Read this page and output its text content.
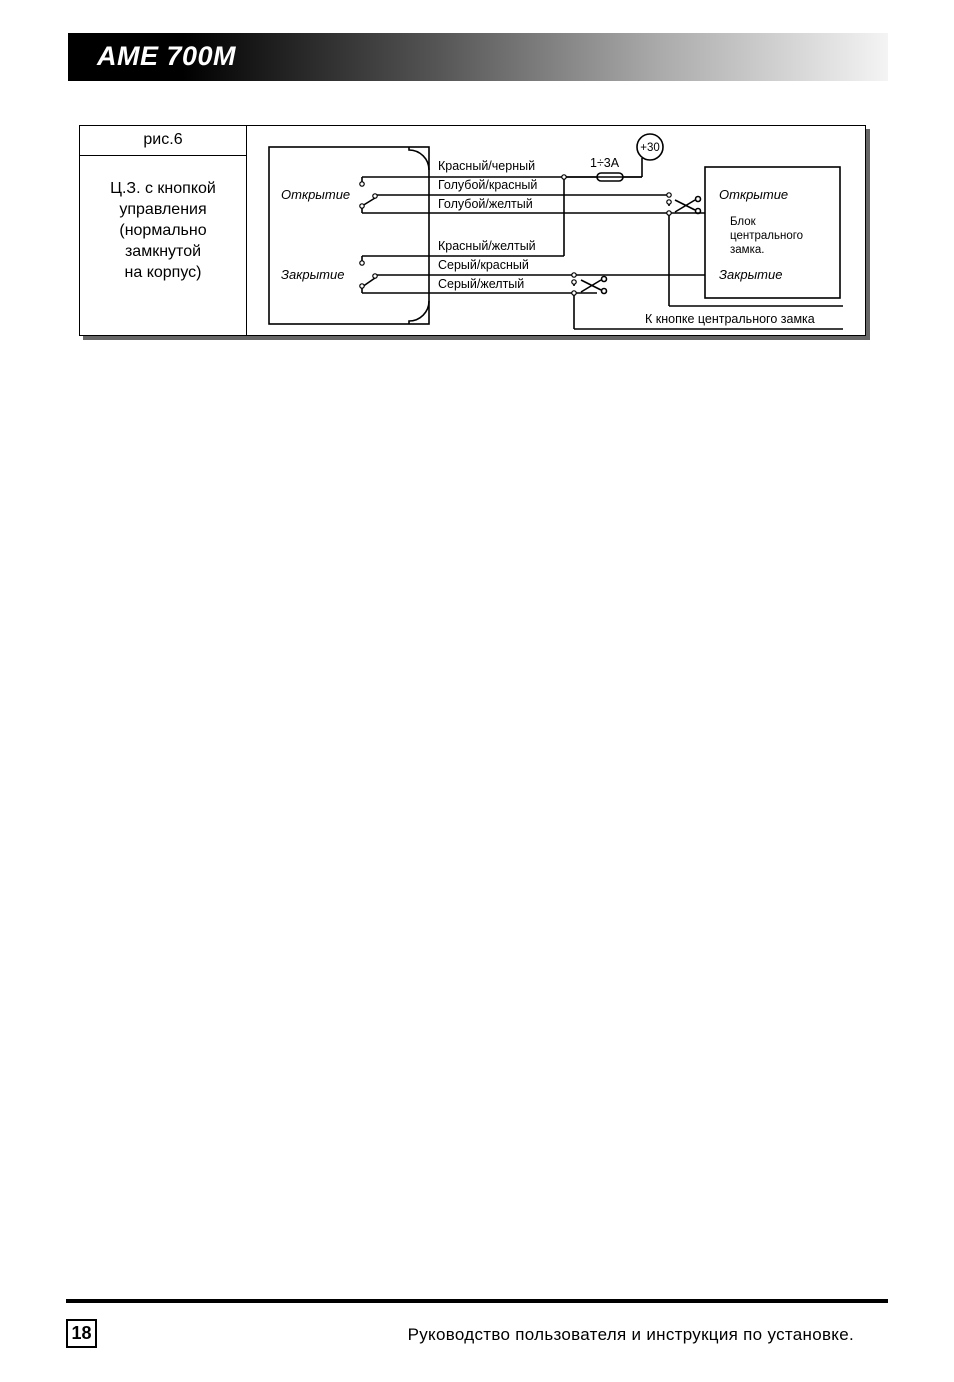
AME 700M
рис.6
Ц.З. с кнопкой
управления
(нормально
замкнутой
на корпус)
Открытие
Закрытие
Красный/черный
Голубой/красный
Голубой/желтый
Красный/желтый
Серый/красный
Серый/желтый
1÷3А
+30
Открытие
Блок
центрального
замка.
Закрытие
К кнопке центрального замка
18	Руководство пользователя и инструкция по установке.
